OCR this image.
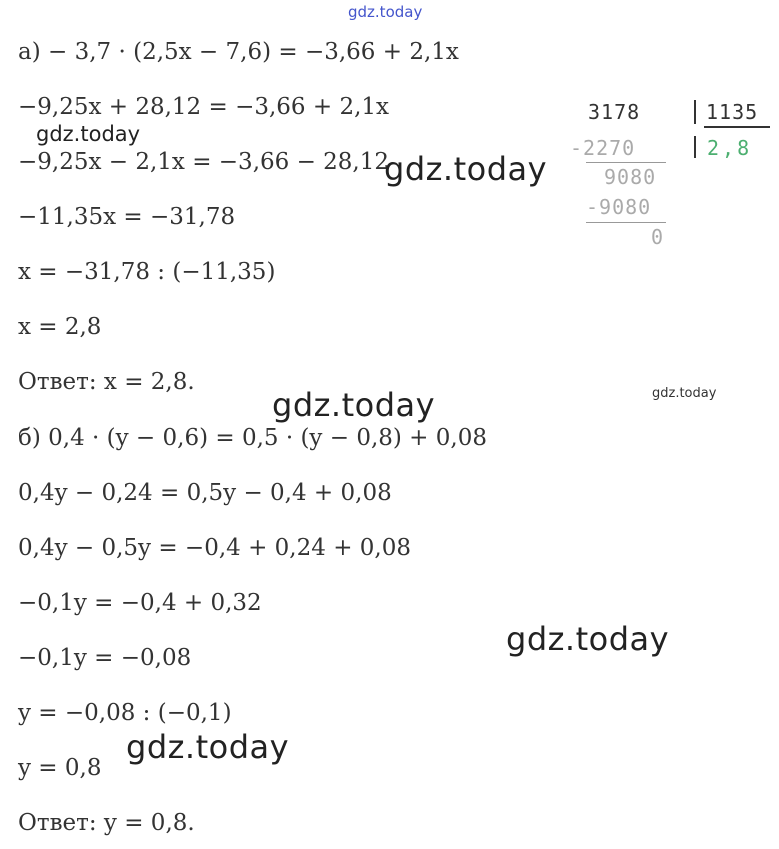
gdz.today
а) − 3,7 · (2,5x − 7,6) = −3,66 + 2,1x
−9,25x + 28,12 = −3,66 + 2,1x
gdz.today
−9,25x − 2,1x = −3,66 − 28,12
gdz.today
−11,35x = −31,78
x = −31,78 : (−11,35)
x = 2,8
Ответ: x = 2,8.
3178	1135
2,8
-2270
9080
-9080
0
gdz.today
gdz.today
б) 0,4 · (y − 0,6) = 0,5 · (y − 0,8) + 0,08
0,4y − 0,24 = 0,5y − 0,4 + 0,08
0,4y − 0,5y = −0,4 + 0,24 + 0,08
−0,1y = −0,4 + 0,32
gdz.today
−0,1y = −0,08
y = −0,08 : (−0,1)
gdz.today
y = 0,8
Ответ: y = 0,8.
